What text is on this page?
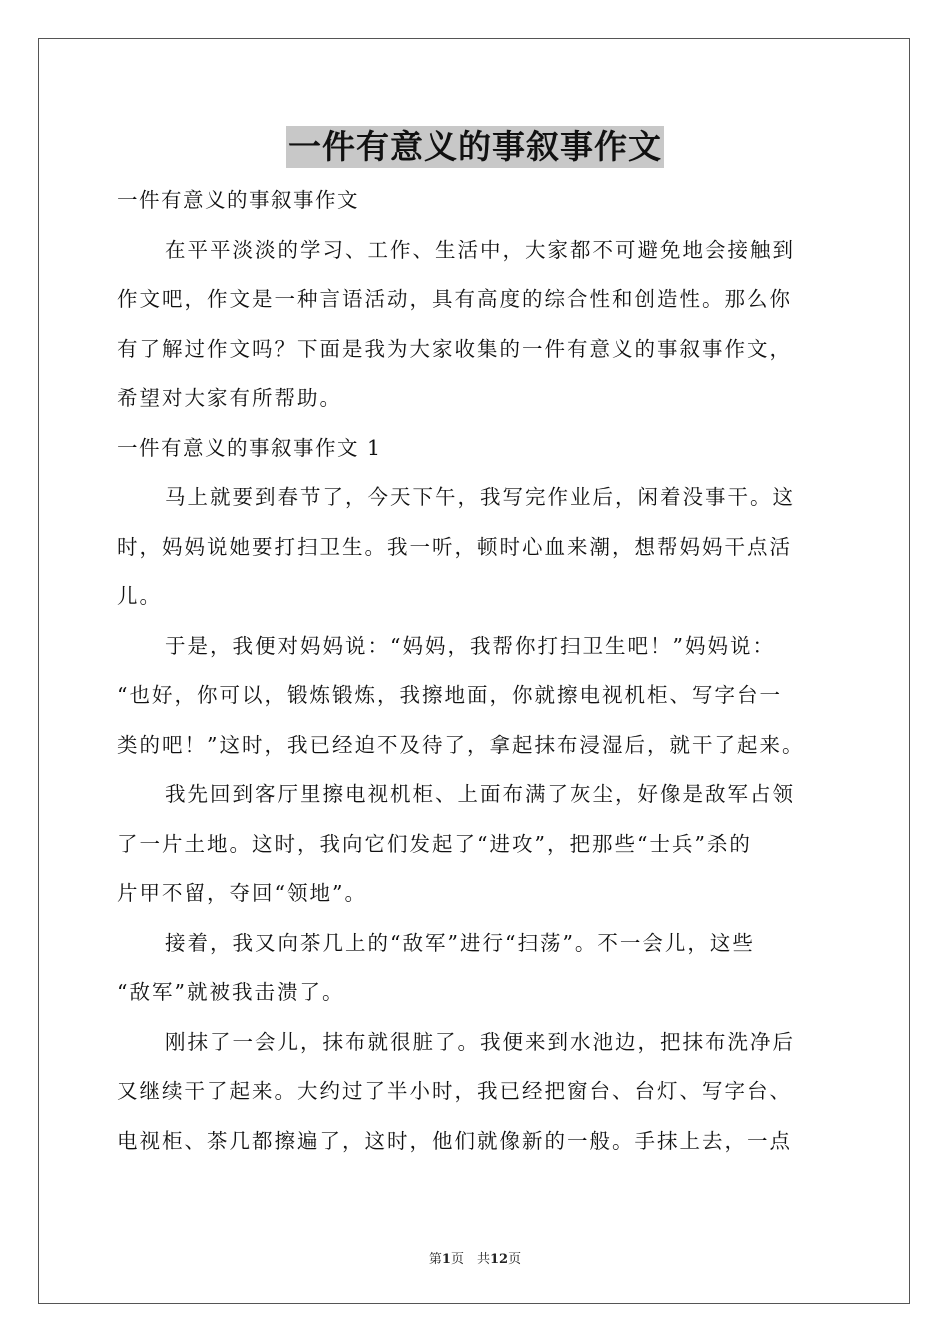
一件有意义的事叙事作文
一件有意义的事叙事作文
在平平淡淡的学习、工作、生活中，大家都不可避免地会接触到
作文吧，作文是一种言语活动，具有高度的综合性和创造性。那么你
有了解过作文吗？下面是我为大家收集的一件有意义的事叙事作文，
希望对大家有所帮助。
一件有意义的事叙事作文 1
马上就要到春节了，今天下午，我写完作业后，闲着没事干。这
时，妈妈说她要打扫卫生。我一听，顿时心血来潮，想帮妈妈干点活
儿。
于是，我便对妈妈说：“妈妈，我帮你打扫卫生吧！”妈妈说：
“也好，你可以，锻炼锻炼，我擦地面，你就擦电视机柜、写字台一
类的吧！”这时，我已经迫不及待了，拿起抹布浸湿后，就干了起来。
我先回到客厅里擦电视机柜、上面布满了灰尘，好像是敌军占领
了一片土地。这时，我向它们发起了“进攻”，把那些“士兵”杀的
片甲不留，夺回“领地”。
接着，我又向茶几上的“敌军”进行“扫荡”。不一会儿，这些
“敌军”就被我击溃了。
刚抹了一会儿，抹布就很脏了。我便来到水池边，把抹布洗净后
又继续干了起来。大约过了半小时，我已经把窗台、台灯、写字台、
电视柜、茶几都擦遍了，这时，他们就像新的一般。手抹上去，一点
第1页　共12页
